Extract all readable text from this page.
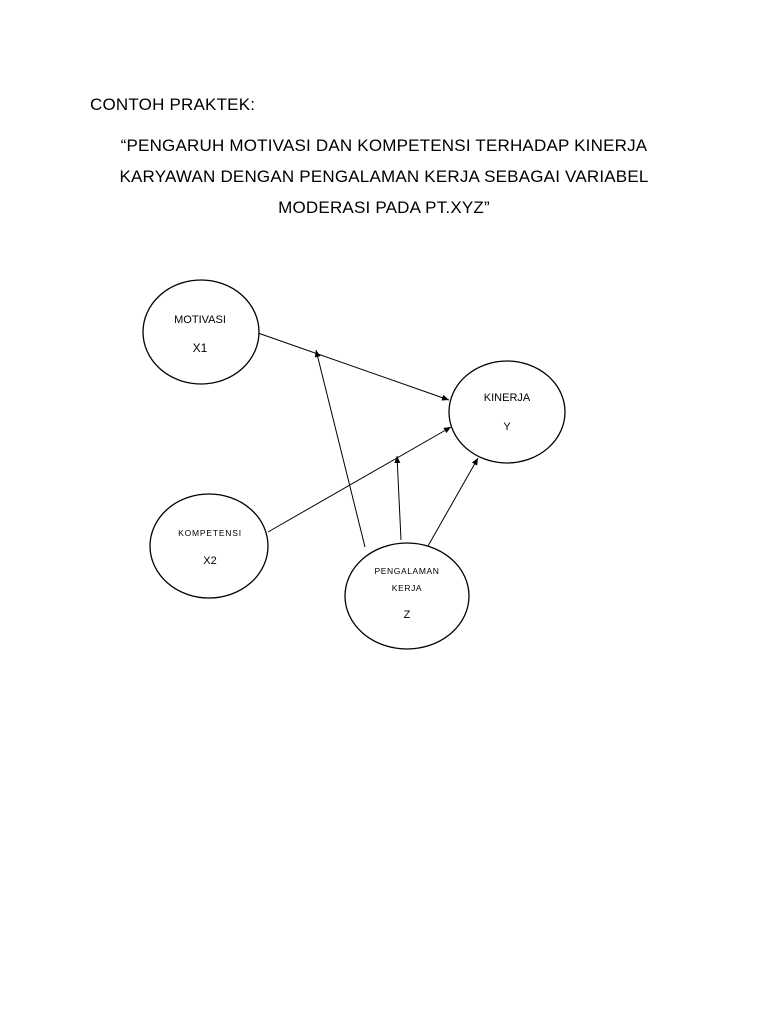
CONTOH PRAKTEK:
“PENGARUH MOTIVASI DAN KOMPETENSI TERHADAP KINERJA
KARYAWAN DENGAN PENGALAMAN KERJA SEBAGAI VARIABEL
MODERASI PADA PT.XYZ”
MOTIVASI
X1
KINERJA
Y
KOMPETENSI
X2
PENGALAMAN
KERJA
Z
